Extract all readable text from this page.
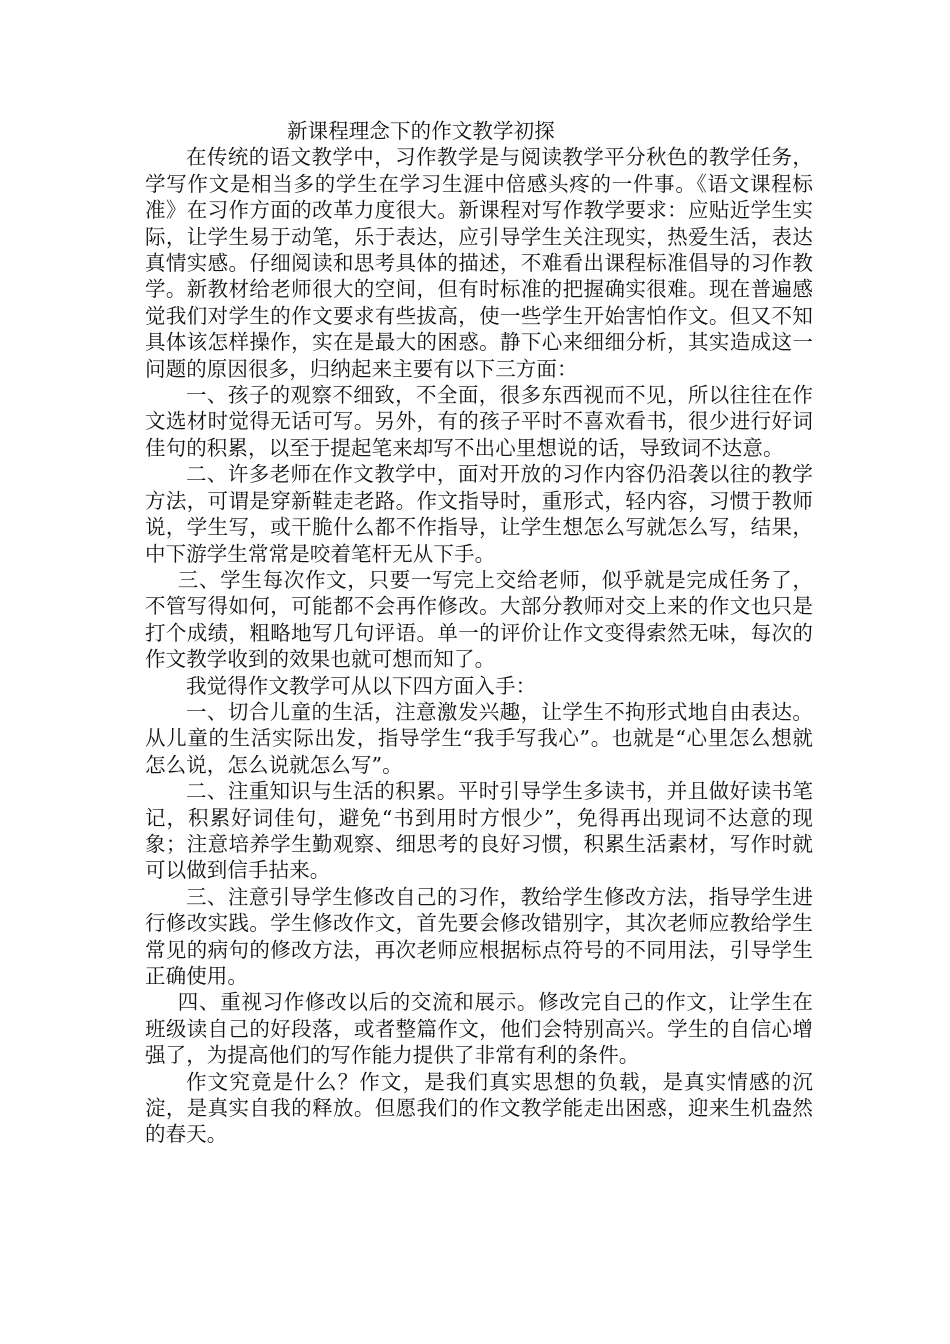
新课程理念下的作文教学初探

在传统的语文教学中，习作教学是与阅读教学平分秋色的教学任务，学写作文是相当多的学生在学习生涯中倍感头疼的一件事。《语文课程标准》在习作方面的改革力度很大。新课程对写作教学要求：应贴近学生实际，让学生易于动笔，乐于表达，应引导学生关注现实，热爱生活，表达真情实感。仔细阅读和思考具体的描述，不难看出课程标准倡导的习作教学。新教材给老师很大的空间，但有时标准的把握确实很难。现在普遍感觉我们对学生的作文要求有些拔高，使一些学生开始害怕作文。但又不知具体该怎样操作，实在是最大的困惑。静下心来细细分析，其实造成这一问题的原因很多，归纳起来主要有以下三方面：

一、孩子的观察不细致，不全面，很多东西视而不见，所以往往在作文选材时觉得无话可写。另外，有的孩子平时不喜欢看书，很少进行好词佳句的积累，以至于提起笔来却写不出心里想说的话，导致词不达意。

二、许多老师在作文教学中，面对开放的习作内容仍沿袭以往的教学方法，可谓是穿新鞋走老路。作文指导时，重形式，轻内容，习惯于教师说，学生写，或干脆什么都不作指导，让学生想怎么写就怎么写，结果，中下游学生常常是咬着笔杆无从下手。

三、学生每次作文，只要一写完上交给老师，似乎就是完成任务了，不管写得如何，可能都不会再作修改。大部分教师对交上来的作文也只是打个成绩，粗略地写几句评语。单一的评价让作文变得索然无味，每次的作文教学收到的效果也就可想而知了。

我觉得作文教学可从以下四方面入手：

一、切合儿童的生活，注意激发兴趣，让学生不拘形式地自由表达。从儿童的生活实际出发，指导学生“我手写我心”。也就是“心里怎么想就怎么说，怎么说就怎么写”。

二、注重知识与生活的积累。平时引导学生多读书，并且做好读书笔记，积累好词佳句，避免“书到用时方恨少”，免得再出现词不达意的现象；注意培养学生勤观察、细思考的良好习惯，积累生活素材，写作时就可以做到信手拈来。

三、注意引导学生修改自己的习作，教给学生修改方法，指导学生进行修改实践。学生修改作文，首先要会修改错别字，其次老师应教给学生常见的病句的修改方法，再次老师应根据标点符号的不同用法，引导学生正确使用。

四、重视习作修改以后的交流和展示。修改完自己的作文，让学生在班级读自己的好段落，或者整篇作文，他们会特别高兴。学生的自信心增强了，为提高他们的写作能力提供了非常有利的条件。

作文究竟是什么？作文，是我们真实思想的负载，是真实情感的沉淀，是真实自我的释放。但愿我们的作文教学能走出困惑，迎来生机盎然的春天。
